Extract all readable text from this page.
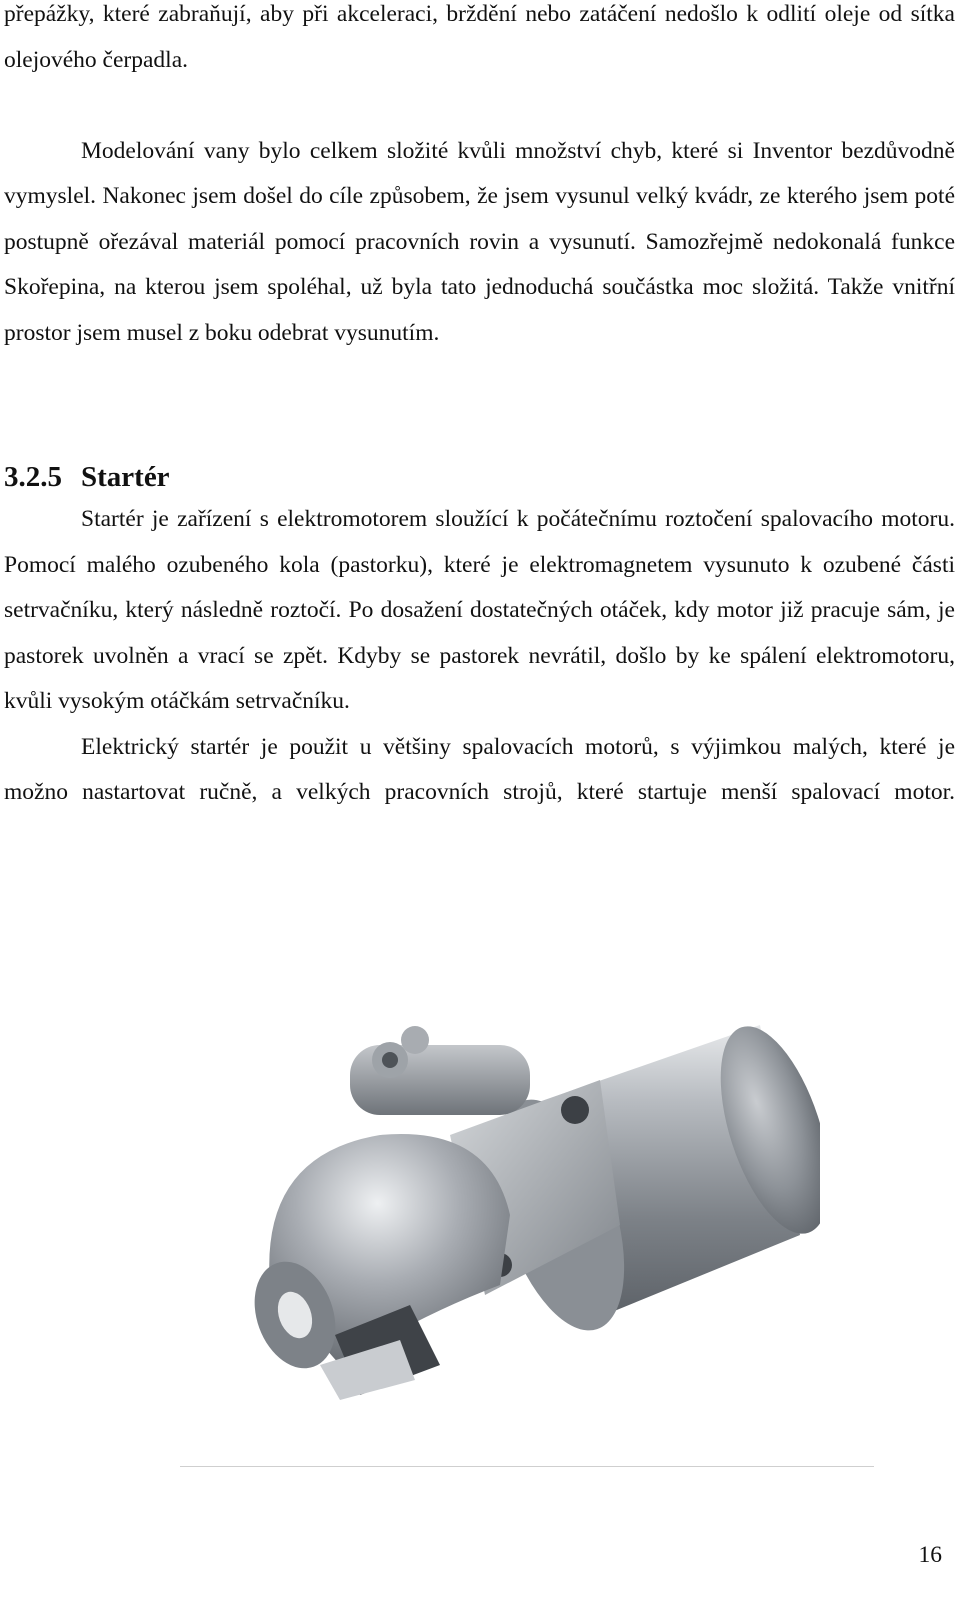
přepážky, které zabraňují, aby při akceleraci, brždění nebo zatáčení nedošlo k odlití oleje od sítka olejového čerpadla.

Modelování vany bylo celkem složité kvůli množství chyb, které si Inventor bezdůvodně vymyslel. Nakonec jsem došel do cíle způsobem, že jsem vysunul velký kvádr, ze kterého jsem poté postupně ořezával materiál pomocí pracovních rovin a vysunutí. Samozřejmě nedokonalá funkce Skořepina, na kterou jsem spoléhal, už byla tato jednoduchá součástka moc složitá. Takže vnitřní prostor jsem musel z boku odebrat vysunutím.

3.2.5 Startér

Startér je zařízení s elektromotorem sloužící k počátečnímu roztočení spalovacího motoru. Pomocí malého ozubeného kola (pastorku), které je elektromagnetem vysunuto k ozubené části setrvačníku, který následně roztočí. Po dosažení dostatečných otáček, kdy motor již pracuje sám, je pastorek uvolněn a vrací se zpět. Kdyby se pastorek nevrátil, došlo by ke spálení elektromotoru, kvůli vysokým otáčkám setrvačníku.

Elektrický startér je použit u většiny spalovacích motorů, s výjimkou malých, které je možno nastartovat ručně, a velkých pracovních strojů, které startuje menší spalovací motor.

16
